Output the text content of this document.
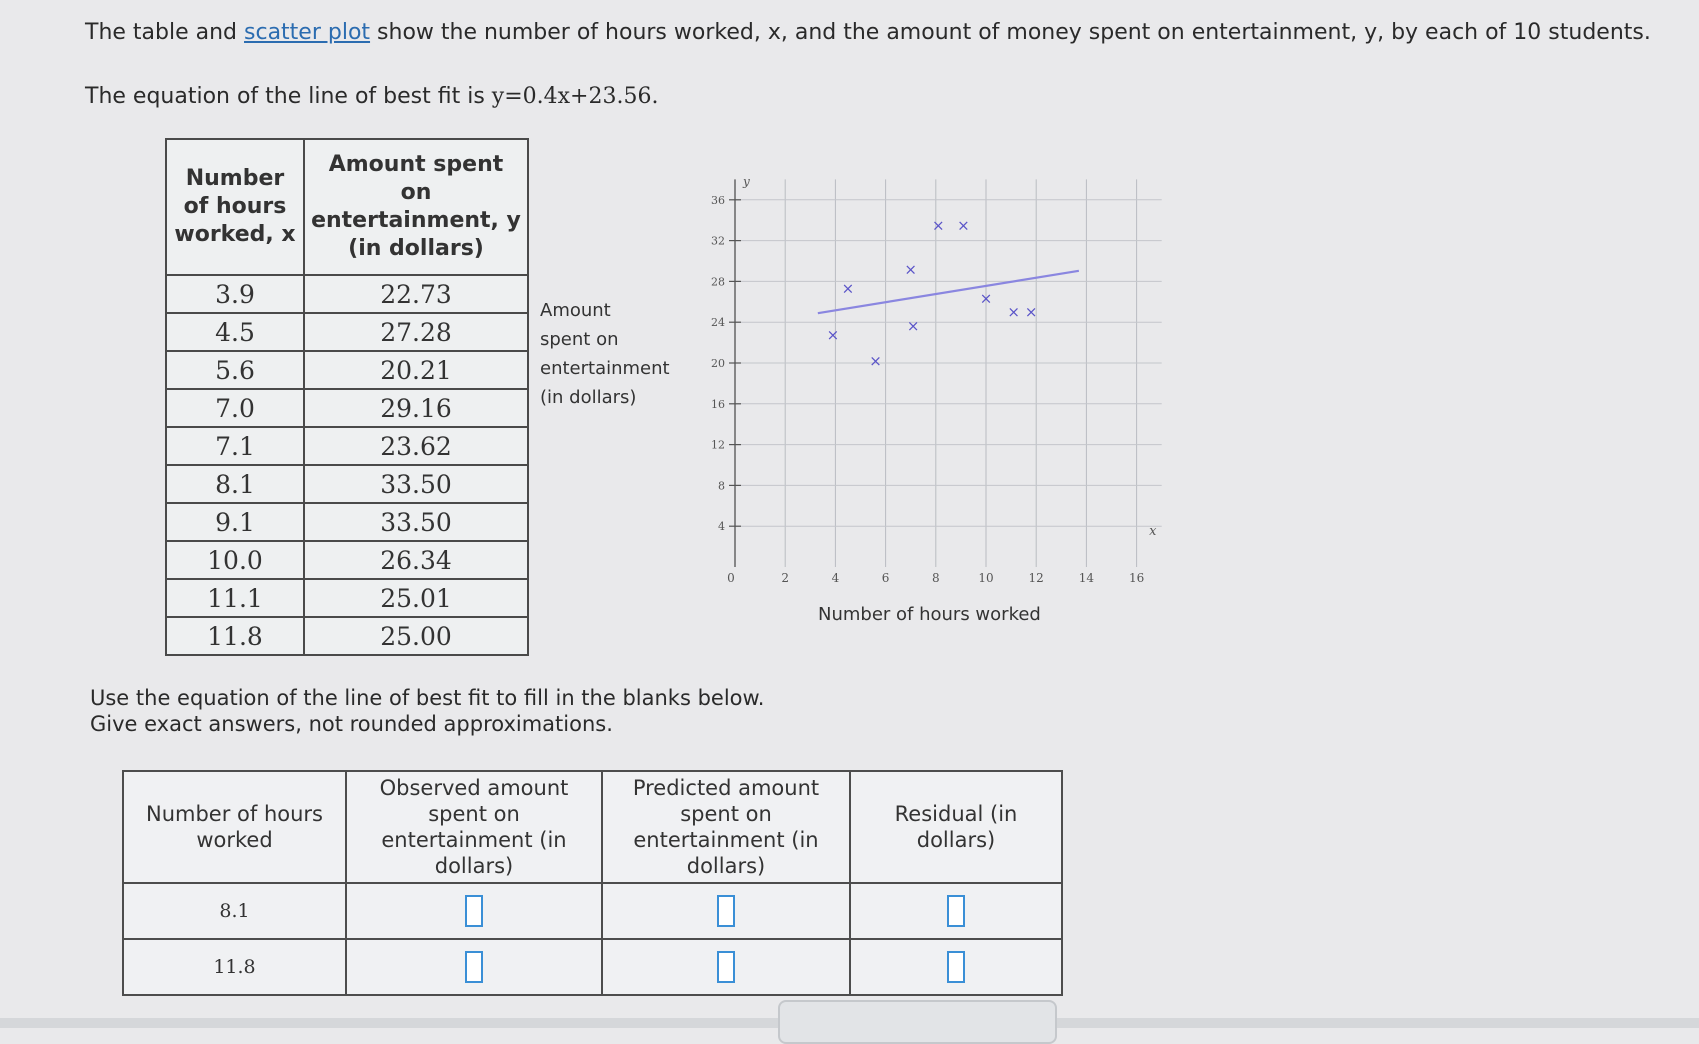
The table and scatter plot show the number of hours worked, x, and the amount of money spent on entertainment, y, by each of 10 students.
The equation of the line of best fit is y=0.4x+23.56.
Number of hours worked, x	Amount spent on entertainment, y (in dollars)
3.9	22.73
4.5	27.28
5.6	20.21
7.0	29.16
7.1	23.62
8.1	33.50
9.1	33.50
10.0	26.34
11.1	25.01
11.8	25.00
Amount
spent on
entertainment
(in dollars)
4
8
12
16
20
24
28
32
36
2	4	6	8	10	12	14	16
0
y
x
×
×
×
×
×
× ×
×
× ×
Number of hours worked
Use the equation of the line of best fit to fill in the blanks below.
Give exact answers, not rounded approximations.
Number of hours worked	Observed amount spent on entertainment (in dollars)	Predicted amount spent on entertainment (in dollars)	Residual (in dollars)
8.1			
11.8			
